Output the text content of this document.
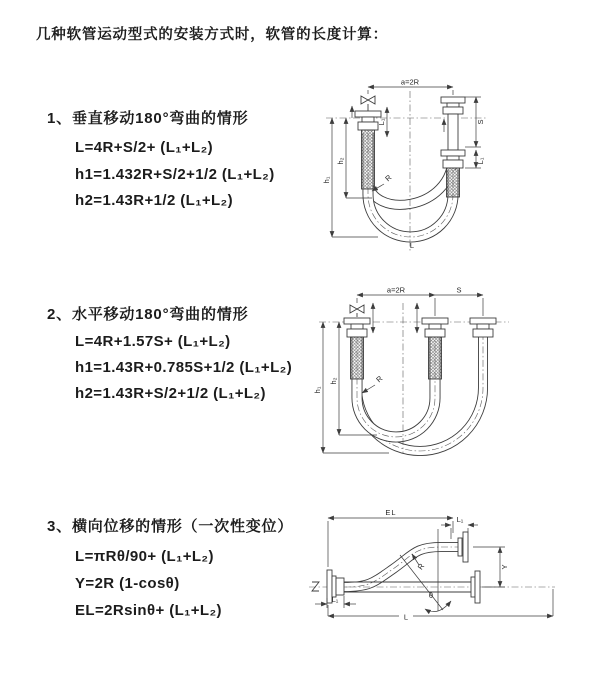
几种软管运动型式的安装方式时，软管的长度计算：
1、垂直移动180°弯曲的情形
L=4R+S/2+ (L₁+L₂)
h1=1.432R+S/2+1/2 (L₁+L₂)
h2=1.43R+1/2 (L₁+L₂)
2、水平移动180°弯曲的情形
L=4R+1.57S+ (L₁+L₂)
h1=1.43R+0.785S+1/2 (L₁+L₂)
h2=1.43R+S/2+1/2 (L₁+L₂)
3、横向位移的情形（一次性变位）
L=πRθ/90+ (L₁+L₂)
Y=2R (1-cosθ)
EL=2Rsinθ+ (L₁+L₂)
a=2R
L₁	S
L₁
h₁
h₂
R
L
a=2R	S
h₁
h₂	R
θ
EL
L₁
Y
R
L₁
L
